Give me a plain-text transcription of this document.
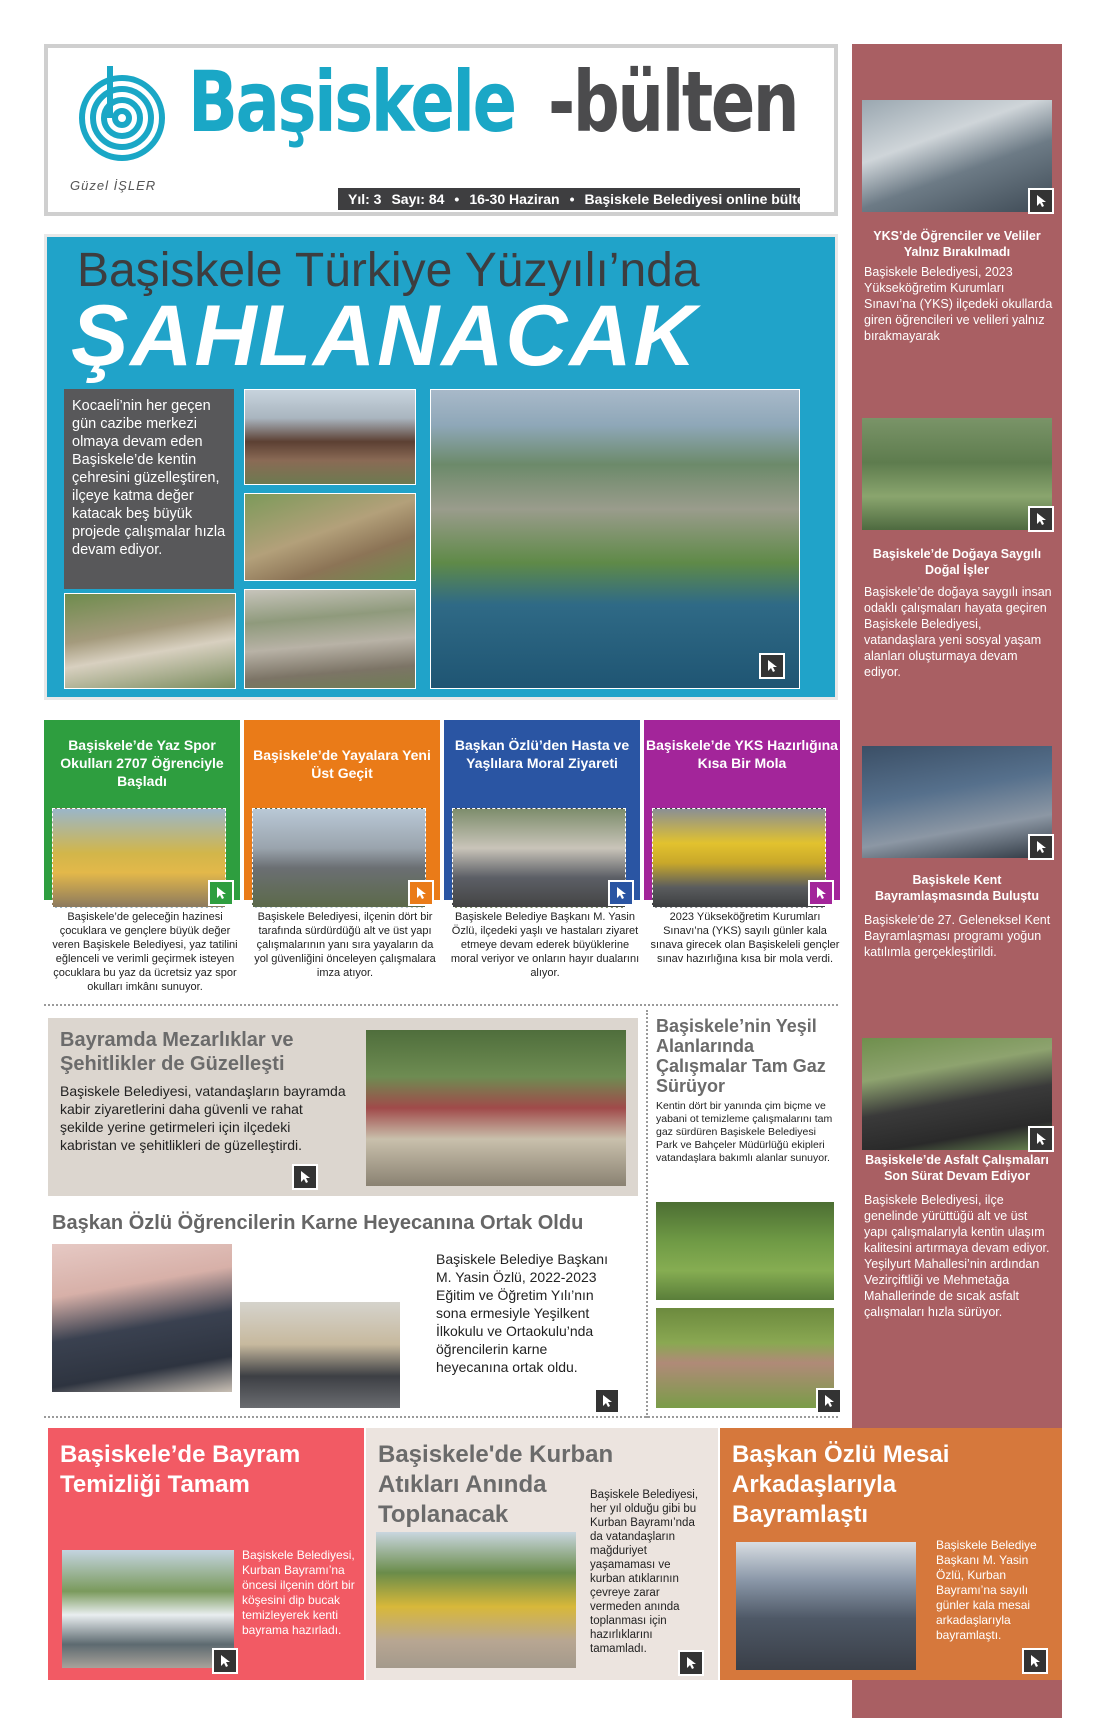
Güzel İŞLER
Başiskele -bülten
Yıl: 3 Sayı: 84 • 16-30 Haziran • Başiskele Belediyesi online bülten
YKS’de Öğrenciler ve Veliler Yalnız Bırakılmadı
Başiskele Belediyesi, 2023 Yükseköğretim Kurumları Sınavı’na (YKS) ilçedeki okullarda giren öğrencileri ve velileri yalnız bırakmayarak
Başiskele’de Doğaya Saygılı Doğal İşler
Başiskele’de doğaya saygılı insan odaklı çalışmaları hayata geçiren Başiskele Belediyesi, vatandaşlara yeni sosyal yaşam alanları oluşturmaya devam ediyor.
Başiskele Kent Bayramlaşmasında Buluştu
Başiskele’de 27. Geleneksel Kent Bayramlaşması programı yoğun katılımla gerçekleştirildi.
Başiskele’de Asfalt Çalışmaları Son Sürat Devam Ediyor
Başiskele Belediyesi, ilçe genelinde yürüttüğü alt ve üst yapı çalışmalarıyla kentin ulaşım kalitesini artırmaya devam ediyor. Yeşilyurt Mahallesi’nin ardından Vezirçiftliği ve Mehmetağa Mahallerinde de sıcak asfalt çalışmaları hızla sürüyor.
Başiskele Türkiye Yüzyılı’nda
ŞAHLANACAK
Kocaeli’nin her geçen gün cazibe merkezi olmaya devam eden Başiskele’de kentin çehresini güzelleştiren, ilçeye katma değer katacak beş büyük projede çalışmalar hızla devam ediyor.
Başiskele’de Yaz Spor Okulları 2707 Öğrenciyle Başladı
Başiskele’de geleceğin hazinesi çocuklara ve gençlere büyük değer veren Başiskele Belediyesi, yaz tatilini eğlenceli ve verimli geçirmek isteyen çocuklara bu yaz da ücretsiz yaz spor okulları imkânı sunuyor.
Başiskele’de Yayalara Yeni Üst Geçit
Başiskele Belediyesi, ilçenin dört bir tarafında sürdürdüğü alt ve üst yapı çalışmalarının yanı sıra yayaların da yol güvenliğini önceleyen çalışmalara imza atıyor.
Başkan Özlü’den Hasta ve Yaşlılara Moral Ziyareti
Başiskele Belediye Başkanı M. Yasin Özlü, ilçedeki yaşlı ve hastaları ziyaret etmeye devam ederek büyüklerine moral veriyor ve onların hayır dualarını alıyor.
Başiskele’de YKS Hazırlığına Kısa Bir Mola
2023 Yükseköğretim Kurumları Sınavı’na (YKS) sayılı günler kala sınava girecek olan Başiskeleli gençler sınav hazırlığına kısa bir mola verdi.
Bayramda Mezarlıklar ve Şehitlikler de Güzelleşti
Başiskele Belediyesi, vatandaşların bayramda kabir ziyaretlerini daha güvenli ve rahat şekilde yerine getirmeleri için ilçedeki kabristan ve şehitlikleri de güzelleştirdi.
Başkan Özlü Öğrencilerin Karne Heyecanına Ortak Oldu
Başiskele Belediye Başkanı M. Yasin Özlü, 2022-2023 Eğitim ve Öğretim Yılı’nın sona ermesiyle Yeşilkent İlkokulu ve Ortaokulu’nda öğrencilerin karne heyecanına ortak oldu.
Başiskele’nin Yeşil Alanlarında Çalışmalar Tam Gaz Sürüyor
Kentin dört bir yanında çim biçme ve yabani ot temizleme çalışmalarını tam gaz sürdüren Başiskele Belediyesi Park ve Bahçeler Müdürlüğü ekipleri vatandaşlara bakımlı alanlar sunuyor.
Başiskele’de Bayram Temizliği Tamam
Başiskele Belediyesi, Kurban Bayramı’na öncesi ilçenin dört bir köşesini dip bucak temizleyerek kenti bayrama hazırladı.
Başiskele'de Kurban Atıkları Anında Toplanacak
Başiskele Belediyesi, her yıl olduğu gibi bu Kurban Bayramı’nda da vatandaşların mağduriyet yaşamaması ve kurban atıklarının çevreye zarar vermeden anında toplanması için hazırlıklarını tamamladı.
Başkan Özlü Mesai Arkadaşlarıyla Bayramlaştı
Başiskele Belediye Başkanı M. Yasin Özlü, Kurban Bayramı’na sayılı günler kala mesai arkadaşlarıyla bayramlaştı.
